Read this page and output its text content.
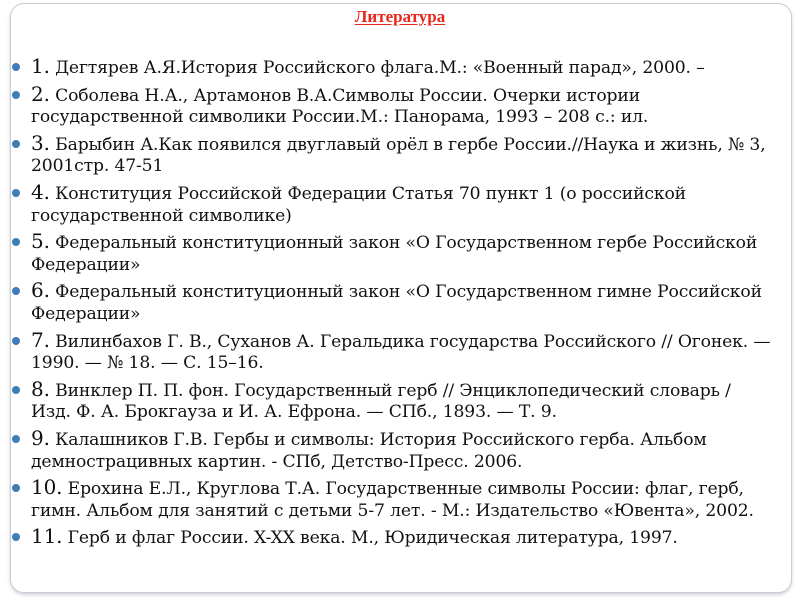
Литература
1. Дегтярев А.Я.История Российского флага.М.: «Военный парад», 2000. –
2. Соболева Н.А., Артамонов В.А.Символы России. Очерки истории государственной символики России.М.: Панорама, 1993 – 208 с.: ил.
3. Барыбин А.Как появился двуглавый орёл в гербе России.//Наука и жизнь, № 3, 2001стр. 47-51
4. Конституция Российской Федерации Статья 70 пункт 1 (о российской государственной символике)
5. Федеральный конституционный закон «О Государственном гербе Российской Федерации»
6. Федеральный конституционный закон «О Государственном гимне Российской Федерации»
7. Вилинбахов Г. В., Суханов А. Геральдика государства Российского // Огонек. — 1990. — № 18. — С. 15–16.
8. Винклер П. П. фон. Государственный герб // Энциклопедический словарь / Изд. Ф. А. Брокгауза и И. А. Ефрона. — СПб., 1893. — Т. 9.
9. Калашников Г.В. Гербы и символы: История Российского герба. Альбом демнострацивных картин. - СПб, Детство-Пресс. 2006.
10. Ерохина Е.Л., Круглова Т.А. Государственные символы России: флаг, герб, гимн. Альбом для занятий с детьми 5-7 лет. - М.: Издательство «Ювента», 2002.
11. Герб и флаг России. X-XX века. М., Юридическая литература, 1997.
